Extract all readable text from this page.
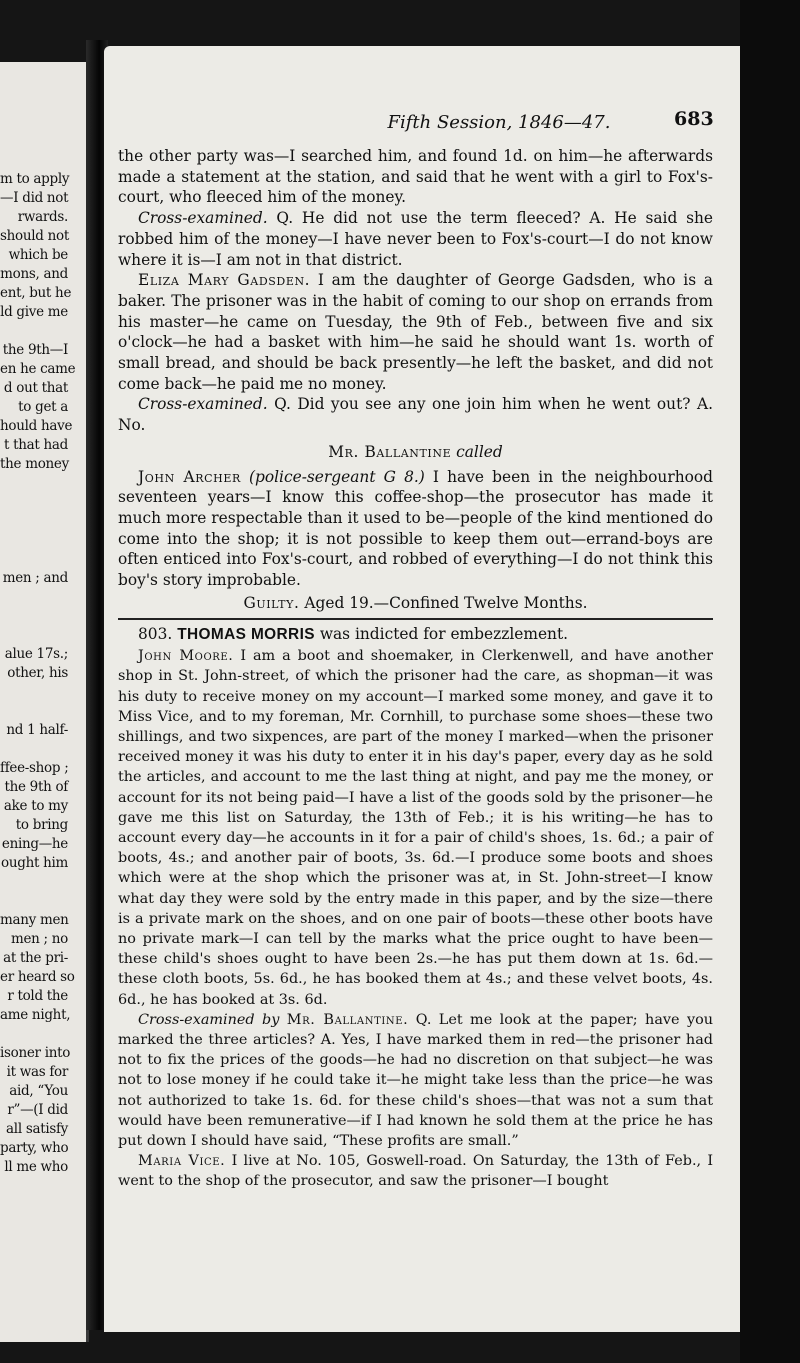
m to apply
—I did not
rwards.
should not
which be
mons, and
ent, but he
ld give me

the 9th—I
en he came
d out that
to get a
hould have
t that had
the money

men ; and

alue 17s.;
other, his

nd 1 half-

ffee-shop ;
the 9th of
ake to my
to bring
ening—he
ought him

many men
men ; no
at the pri-
er heard so
r told the
ame night,

isoner into
it was for
aid, “You
r”—(I did
all satisfy
party, who
ll me who
Fifth Session, 1846—47.	683

the other party was—I searched him, and found 1d. on him—he afterwards made a statement at the station, and said that he went with a girl to Fox's-court, who fleeced him of the money.

Cross-examined. Q. He did not use the term fleeced? A. He said she robbed him of the money—I have never been to Fox's-court—I do not know where it is—I am not in that district.

Eliza Mary Gadsden. I am the daughter of George Gadsden, who is a baker. The prisoner was in the habit of coming to our shop on errands from his master—he came on Tuesday, the 9th of Feb., between five and six o'clock—he had a basket with him—he said he should want 1s. worth of small bread, and should be back presently—he left the basket, and did not come back—he paid me no money.

Cross-examined. Q. Did you see any one join him when he went out? A. No.

Mr. Ballantine called

John Archer (police-sergeant G 8.) I have been in the neighbourhood seventeen years—I know this coffee-shop—the prosecutor has made it much more respectable than it used to be—people of the kind mentioned do come into the shop; it is not possible to keep them out—errand-boys are often enticed into Fox's-court, and robbed of everything—I do not think this boy's story improbable.

Guilty. Aged 19.—Confined Twelve Months.

803. THOMAS MORRIS was indicted for embezzlement.

John Moore. I am a boot and shoemaker, in Clerkenwell, and have another shop in St. John-street, of which the prisoner had the care, as shopman—it was his duty to receive money on my account—I marked some money, and gave it to Miss Vice, and to my foreman, Mr. Cornhill, to purchase some shoes—these two shillings, and two sixpences, are part of the money I marked—when the prisoner received money it was his duty to enter it in his day's paper, every day as he sold the articles, and account to me the last thing at night, and pay me the money, or account for its not being paid—I have a list of the goods sold by the prisoner—he gave me this list on Saturday, the 13th of Feb.; it is his writing—he has to account every day—he accounts in it for a pair of child's shoes, 1s. 6d.; a pair of boots, 4s.; and another pair of boots, 3s. 6d.—I produce some boots and shoes which were at the shop which the prisoner was at, in St. John-street—I know what day they were sold by the entry made in this paper, and by the size—there is a private mark on the shoes, and on one pair of boots—these other boots have no private mark—I can tell by the marks what the price ought to have been—these child's shoes ought to have been 2s.—he has put them down at 1s. 6d.—these cloth boots, 5s. 6d., he has booked them at 4s.; and these velvet boots, 4s. 6d., he has booked at 3s. 6d.

Cross-examined by Mr. Ballantine. Q. Let me look at the paper; have you marked the three articles? A. Yes, I have marked them in red—the prisoner had not to fix the prices of the goods—he had no discretion on that subject—he was not to lose money if he could take it—he might take less than the price—he was not authorized to take 1s. 6d. for these child's shoes—that was not a sum that would have been remunerative—if I had known he sold them at the price he has put down I should have said, “These profits are small.”

Maria Vice. I live at No. 105, Goswell-road. On Saturday, the 13th of Feb., I went to the shop of the prosecutor, and saw the prisoner—I bought
